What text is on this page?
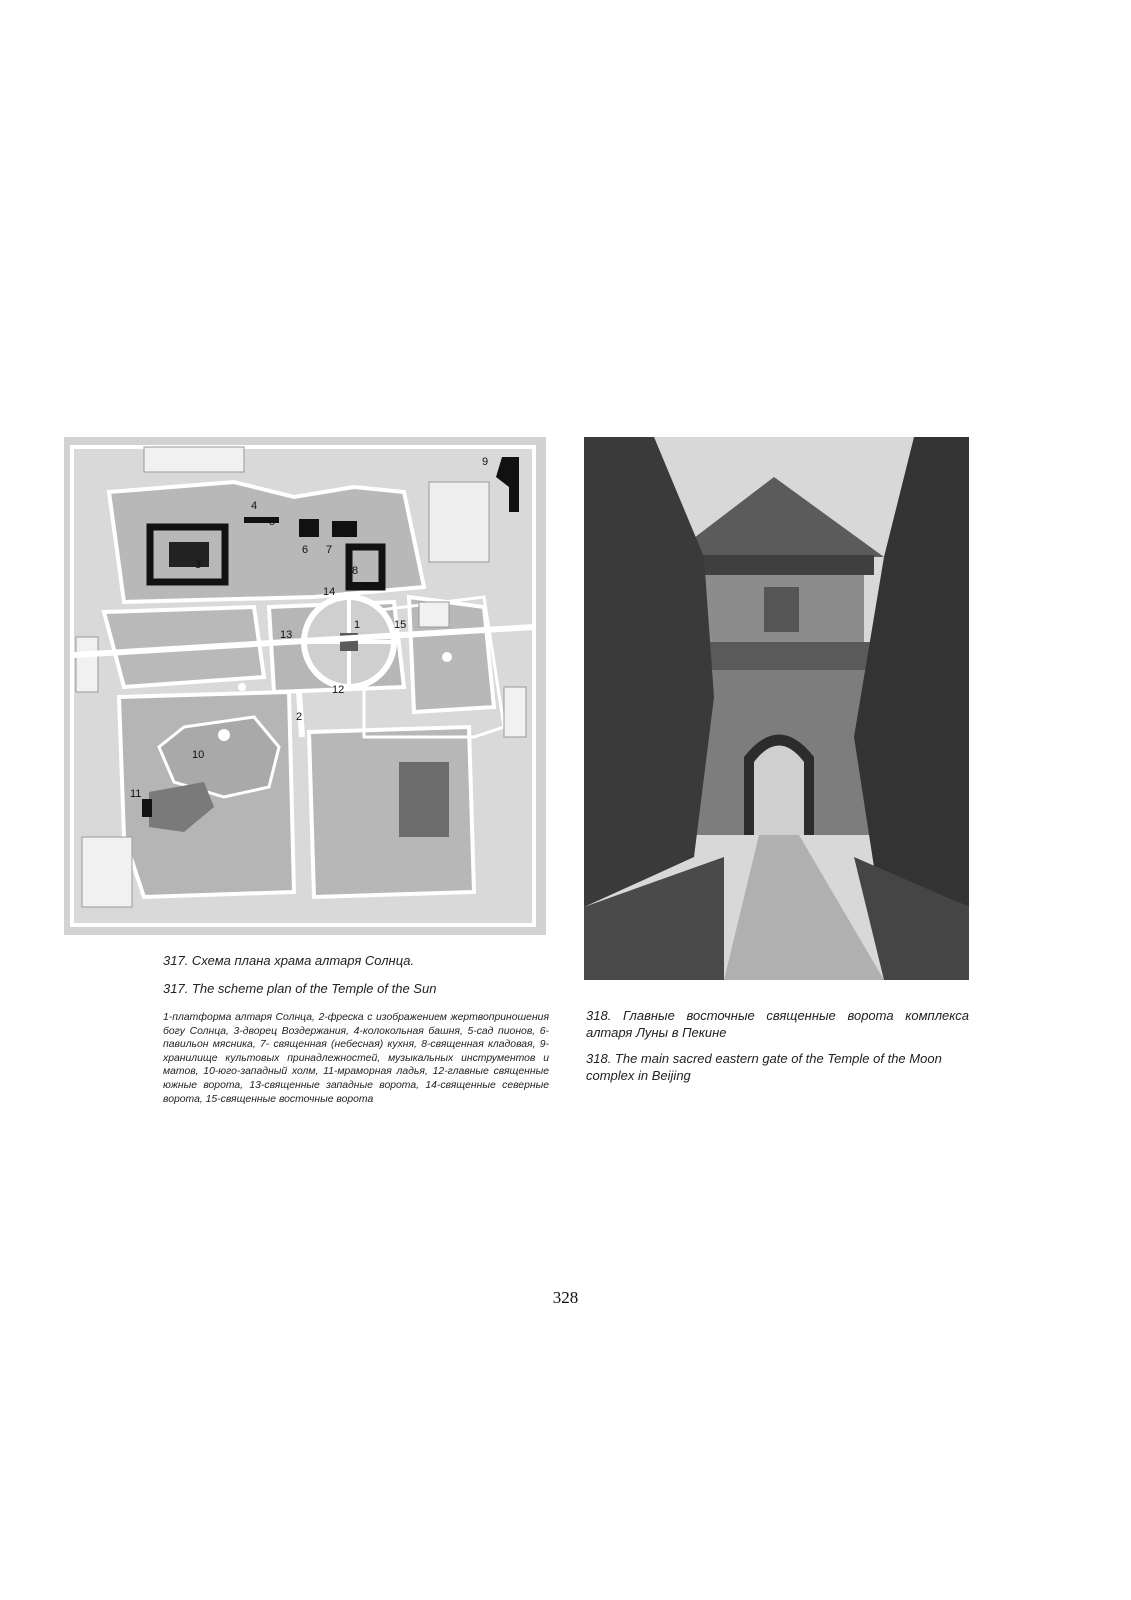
1
2
3
4
5
6 7
8
9
10
11
12
13
14
15

317. Схема плана храма алтаря Солнца.

317. The scheme plan of the Temple of the Sun

1-платформа алтаря Солнца, 2-фреска с изображением жертвоприношения богу Солнца, 3-дворец Воздержания, 4-колокольная башня, 5-сад пионов, 6-павильон мясника, 7- священная (небесная) кухня, 8-священная кладовая, 9-хранилище культовых принадлежностей, музыкальных инструментов и матов, 10-юго-западный холм, 11-мраморная ладья, 12-главные священные южные ворота, 13-священные западные ворота, 14-священные северные ворота, 15-священные восточные ворота

318. Главные восточные священные ворота комплекса алтаря Луны в Пекине

318. The main sacred eastern gate of the Temple of the Moon complex in Beijing

328
